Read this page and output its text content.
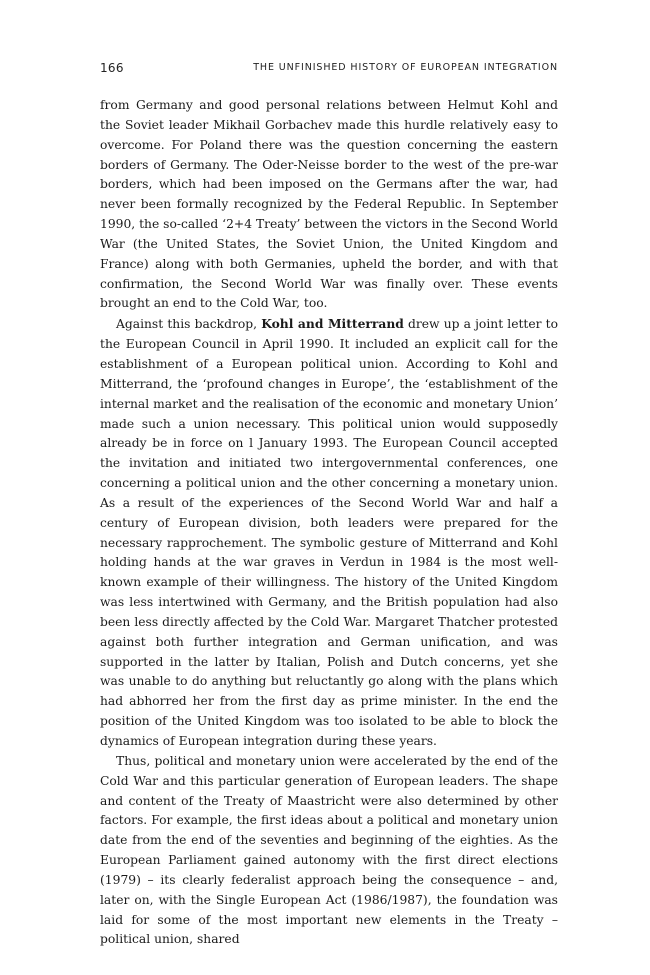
166	THE UNFINISHED HISTORY OF EUROPEAN INTEGRATION

from Germany and good personal relations between Helmut Kohl and the Soviet leader Mikhail Gorbachev made this hurdle relatively easy to overcome. For Poland there was the question concerning the eastern borders of Germany. The Oder-Neisse border to the west of the pre-war borders, which had been imposed on the Germans after the war, had never been formally recognized by the Federal Republic. In September 1990, the so-called ‘2+4 Treaty’ between the victors in the Second World War (the United States, the Soviet Union, the United Kingdom and France) along with both Germanies, upheld the border, and with that confirmation, the Second World War was finally over. These events brought an end to the Cold War, too.

Against this backdrop, Kohl and Mitterrand drew up a joint letter to the European Council in April 1990. It included an explicit call for the establishment of a European political union. According to Kohl and Mitterrand, the ‘profound changes in Europe’, the ‘establishment of the internal market and the realisation of the economic and monetary Union’ made such a union necessary. This political union would supposedly already be in force on l January 1993. The European Council accepted the invitation and initiated two intergovernmental conferences, one concerning a political union and the other concerning a monetary union. As a result of the experiences of the Second World War and half a century of European division, both leaders were prepared for the necessary rapprochement. The symbolic gesture of Mitterrand and Kohl holding hands at the war graves in Verdun in 1984 is the most well-known example of their willingness. The history of the United Kingdom was less intertwined with Germany, and the British population had also been less directly affected by the Cold War. Margaret Thatcher protested against both further integration and German unification, and was supported in the latter by Italian, Polish and Dutch concerns, yet she was unable to do anything but reluctantly go along with the plans which had abhorred her from the first day as prime minister. In the end the position of the United Kingdom was too isolated to be able to block the dynamics of European integration during these years.

Thus, political and monetary union were accelerated by the end of the Cold War and this particular generation of European leaders. The shape and content of the Treaty of Maastricht were also determined by other factors. For example, the first ideas about a political and monetary union date from the end of the seventies and beginning of the eighties. As the European Parliament gained autonomy with the first direct elections (1979) – its clearly federalist approach being the consequence – and, later on, with the Single European Act (1986/1987), the foundation was laid for some of the most important new elements in the Treaty – political union, shared
